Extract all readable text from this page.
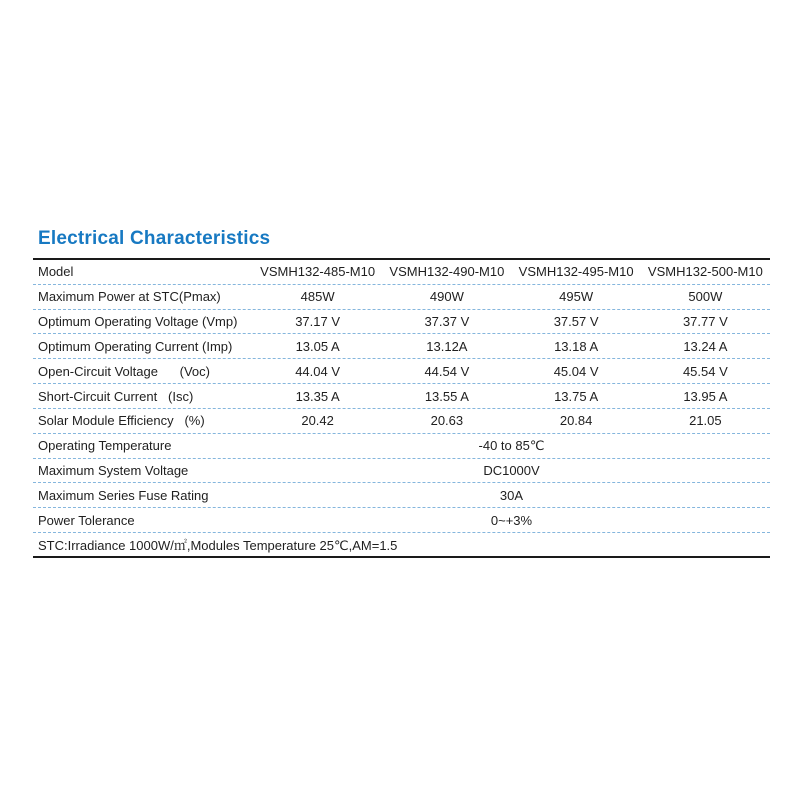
Electrical Characteristics
Model	VSMH132-485-M10	VSMH132-490-M10	VSMH132-495-M10	VSMH132-500-M10
Maximum Power at STC(Pmax)	485W	490W	495W	500W
Optimum Operating Voltage (Vmp)	37.17 V	37.37 V	37.57 V	37.77 V
Optimum Operating Current (Imp)	13.05 A	13.12A	13.18 A	13.24 A
Open-Circuit Voltage      (Voc)	44.04 V	44.54 V	45.04 V	45.54 V
Short-Circuit Current   (Isc)	13.35 A	13.55 A	13.75 A	13.95 A
Solar Module Efficiency   (%)	20.42	20.63	20.84	21.05
Operating Temperature	-40 to 85℃
Maximum System Voltage	DC1000V
Maximum Series Fuse Rating	30A
Power Tolerance	0~+3%
STC:Irradiance 1000W/㎡,Modules Temperature 25℃,AM=1.5
